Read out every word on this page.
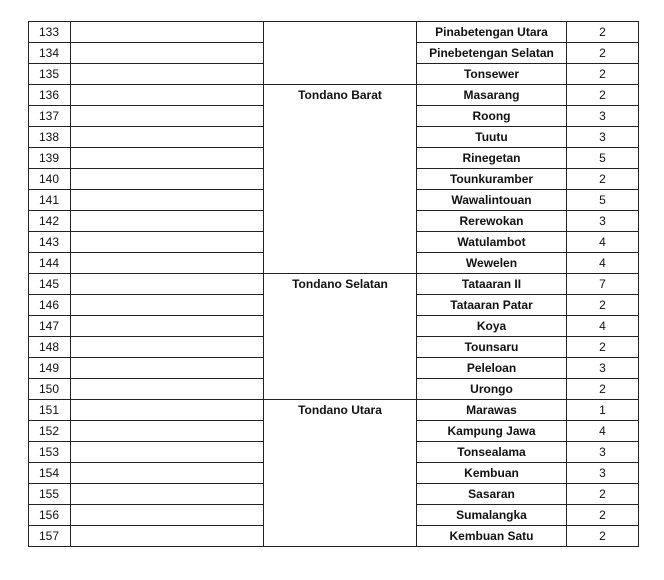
133			Pinabetengan Utara	2
134			Pinebetengan Selatan	2
135			Tonsewer	2
136		Tondano Barat	Masarang	2
137			Roong	3
138			Tuutu	3
139			Rinegetan	5
140			Tounkuramber	2
141			Wawalintouan	5
142			Rerewokan	3
143			Watulambot	4
144			Wewelen	4
145		Tondano Selatan	Tataaran II	7
146			Tataaran Patar	2
147			Koya	4
148			Tounsaru	2
149			Peleloan	3
150			Urongo	2
151		Tondano Utara	Marawas	1
152			Kampung Jawa	4
153			Tonsealama	3
154			Kembuan	3
155			Sasaran	2
156			Sumalangka	2
157			Kembuan Satu	2
